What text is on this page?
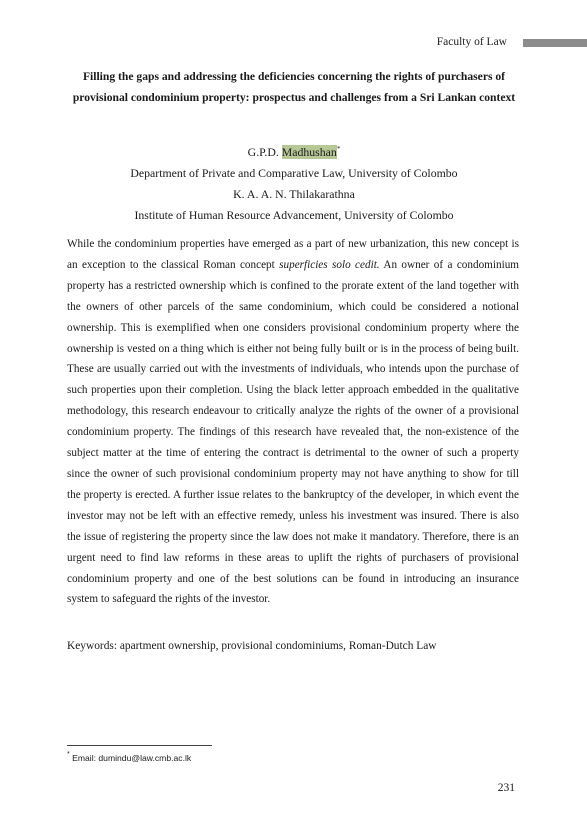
Faculty of Law
Filling the gaps and addressing the deficiencies concerning the rights of purchasers of provisional condominium property: prospectus and challenges from a Sri Lankan context
G.P.D. Madhushan*
Department of Private and Comparative Law, University of Colombo
K. A. A. N. Thilakarathna
Institute of Human Resource Advancement, University of Colombo

While the condominium properties have emerged as a part of new urbanization, this new concept is an exception to the classical Roman concept superficies solo cedit. An owner of a condominium property has a restricted ownership which is confined to the prorate extent of the land together with the owners of other parcels of the same condominium, which could be considered a notional ownership. This is exemplified when one considers provisional condominium property where the ownership is vested on a thing which is either not being fully built or is in the process of being built. These are usually carried out with the investments of individuals, who intends upon the purchase of such properties upon their completion. Using the black letter approach embedded in the qualitative methodology, this research endeavour to critically analyze the rights of the owner of a provisional condominium property. The findings of this research have revealed that, the non-existence of the subject matter at the time of entering the contract is detrimental to the owner of such a property since the owner of such provisional condominium property may not have anything to show for till the property is erected. A further issue relates to the bankruptcy of the developer, in which event the investor may not be left with an effective remedy, unless his investment was insured. There is also the issue of registering the property since the law does not make it mandatory. Therefore, there is an urgent need to find law reforms in these areas to uplift the rights of purchasers of provisional condominium property and one of the best solutions can be found in introducing an insurance system to safeguard the rights of the investor.

Keywords: apartment ownership, provisional condominiums, Roman-Dutch Law

* Email: dumindu@law.cmb.ac.lk
231
